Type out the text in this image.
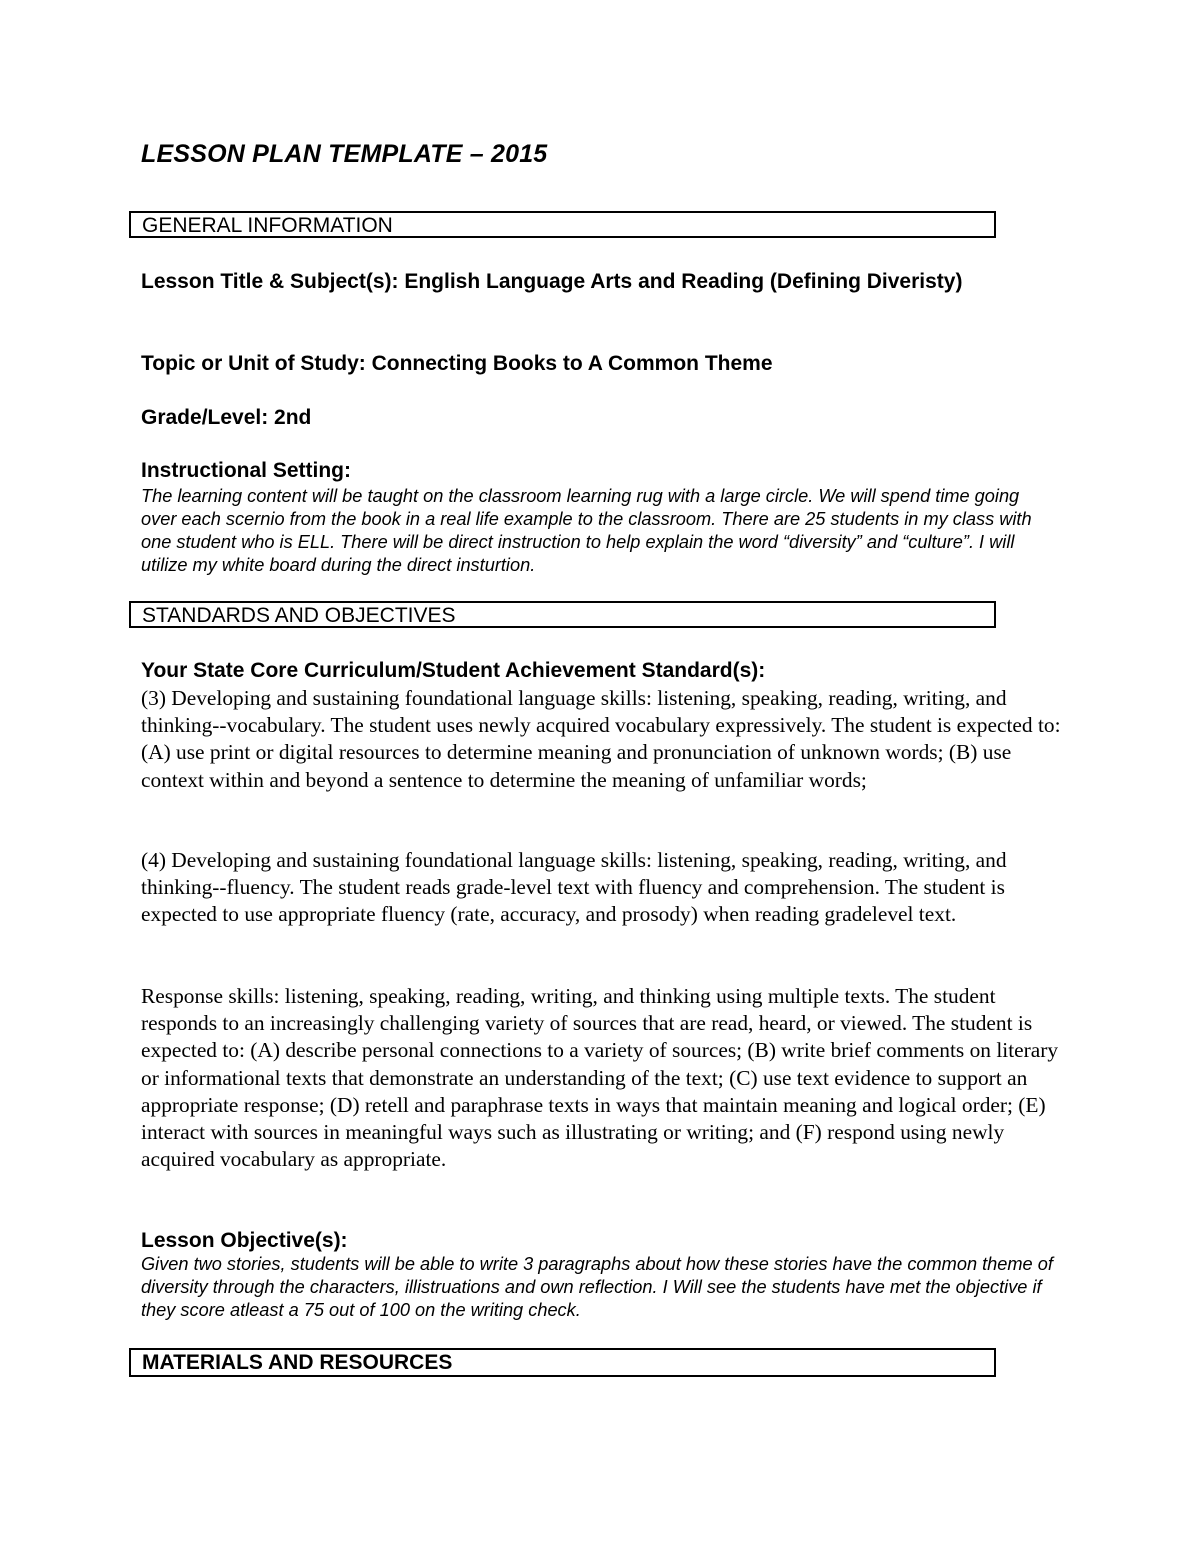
LESSON PLAN TEMPLATE – 2015
GENERAL INFORMATION
Lesson Title & Subject(s): English Language Arts and Reading (Defining Diveristy)
Topic or Unit of Study: Connecting Books to A Common Theme
Grade/Level: 2nd
Instructional Setting:
The learning content will be taught on the classroom learning rug with a large circle. We will spend time going over each scernio from the book in a real life example to the classroom. There are 25 students in my class with one student who is ELL. There will be direct instruction to help explain the word “diversity” and “culture”. I will utilize my white board during the direct insturtion.
STANDARDS AND OBJECTIVES
Your State Core Curriculum/Student Achievement Standard(s):
(3) Developing and sustaining foundational language skills: listening, speaking, reading, writing, and thinking--vocabulary. The student uses newly acquired vocabulary expressively. The student is expected to: (A) use print or digital resources to determine meaning and pronunciation of unknown words; (B) use context within and beyond a sentence to determine the meaning of unfamiliar words;
(4) Developing and sustaining foundational language skills: listening, speaking, reading, writing, and thinking--fluency. The student reads grade-level text with fluency and comprehension. The student is expected to use appropriate fluency (rate, accuracy, and prosody) when reading gradelevel text.
Response skills: listening, speaking, reading, writing, and thinking using multiple texts. The student responds to an increasingly challenging variety of sources that are read, heard, or viewed. The student is expected to: (A) describe personal connections to a variety of sources; (B) write brief comments on literary or informational texts that demonstrate an understanding of the text; (C) use text evidence to support an appropriate response; (D) retell and paraphrase texts in ways that maintain meaning and logical order; (E) interact with sources in meaningful ways such as illustrating or writing; and (F) respond using newly acquired vocabulary as appropriate.
Lesson Objective(s):
Given two stories, students will be able to write 3 paragraphs about how these stories have the common theme of diversity through the characters, illistruations and own reflection. I Will see the students have met the objective if they score atleast a 75 out of 100 on the writing check.
MATERIALS AND RESOURCES
